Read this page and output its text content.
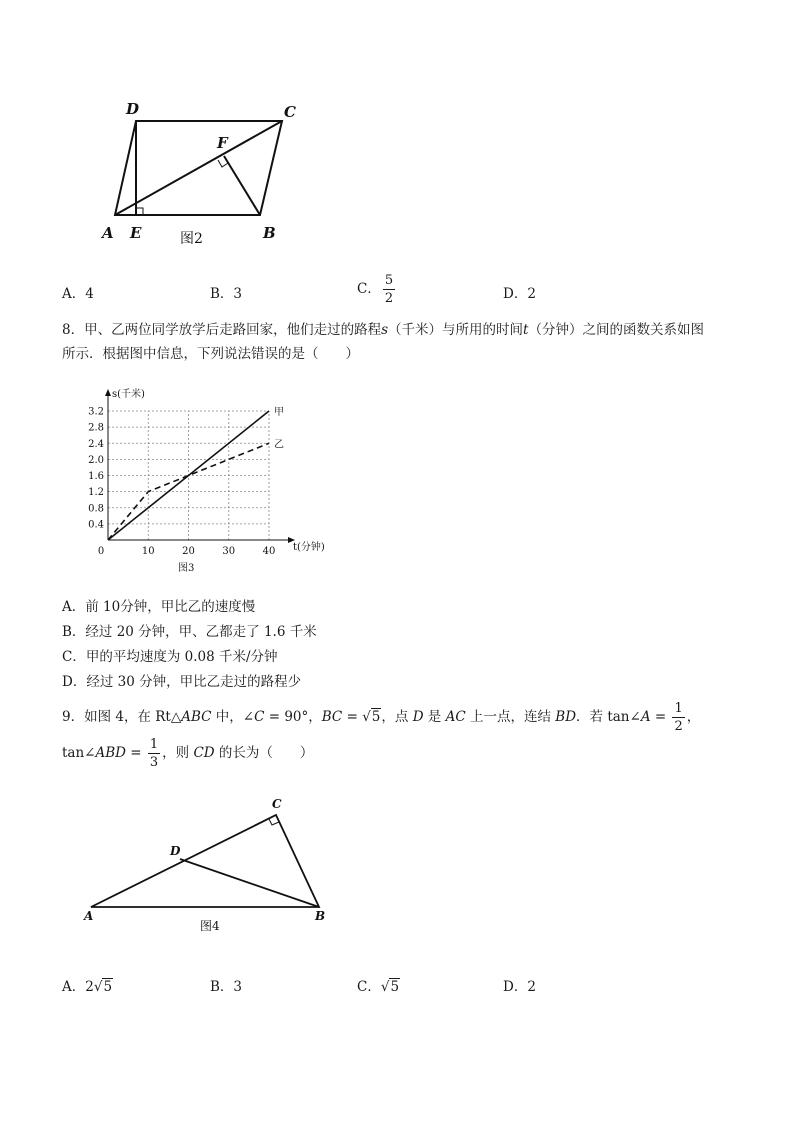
A E	B
C
D
F
图2
A．4	B．3	C． $\frac{5}{2}$	D．2
8．甲、乙两位同学放学后走路回家，他们走过的路程s（千米）与所用的时间t（分钟）之间的函数关系如图
所示．根据图中信息，下列说法错误的是（　　）
0.4
0.8
1.2
1.6
2.0
2.4
2.8
3.2
0	10	20	30	40
s(千米)
t(分钟)
甲
乙
图3
A．前 10分钟，甲比乙的速度慢
B．经过 20 分钟，甲、乙都走了 1.6 千米
C．甲的平均速度为 0.08 千米/分钟
D．经过 30 分钟，甲比乙走过的路程少
9．如图 4，在 Rt△ABC 中，∠C = 90°，BC = √5，点 D 是 AC 上一点，连结 BD．若 tan∠A = $\frac{1}{2}$ ，
tan∠ABD = $\frac{1}{3}$ ，则 CD 的长为（　　）
A	B
C
D
图4
A．2√5	B．3	C．√5	D．2
